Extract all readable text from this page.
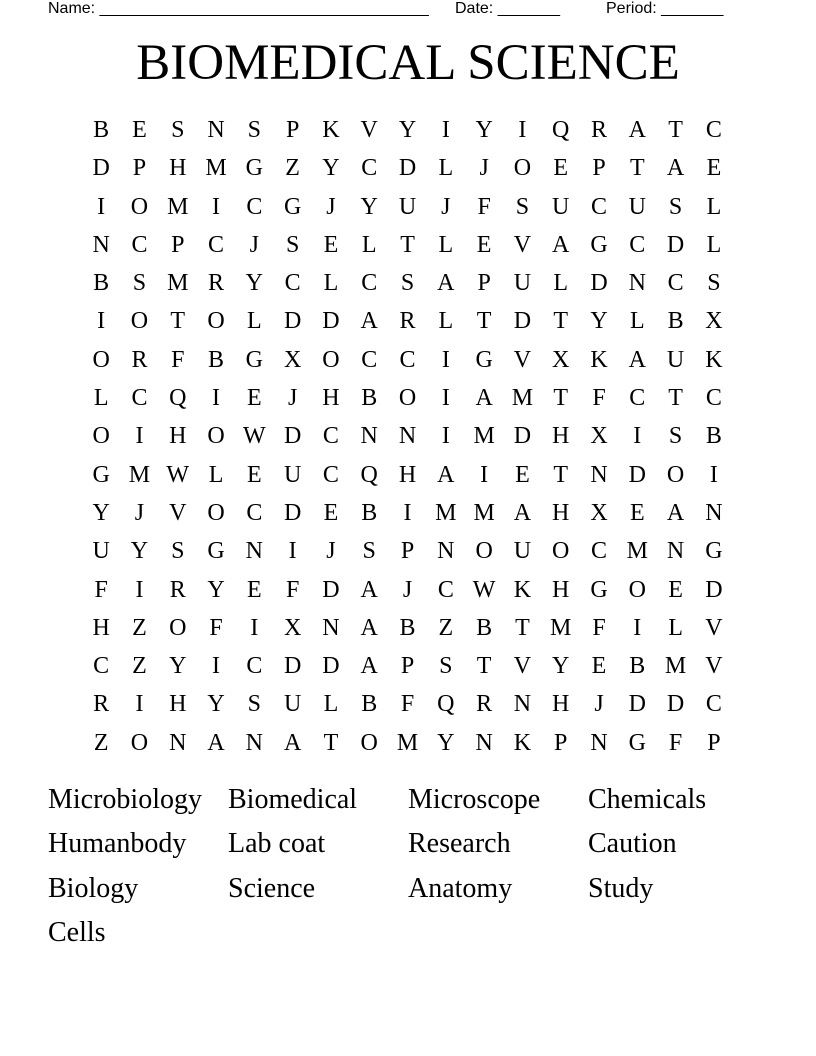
Name: _____________________________________ Date: _______	Period: _______
BIOMEDICAL SCIENCE
B E	S N S	P K V Y	I	Y	I	Q R A T C
D P H M G Z Y C D L	J	O E	P	T A E
I	O M I	C G	J	Y U	J	F	S U C U S	L
N C P C	J	S	E L T L E V A G C D L
B S M R Y C L C S A P U L D N C S
I	O T O L D D A R L T D T Y L B X
O R F B G X O C C	I	G V X K A U K
L C Q	I	E	J	H B O	I	A M T	F C T C
O	I	H O W D C N N	I M D H X	I	S B
G M W L E U C Q H A	I	E T N D O	I
Y	J	V O C D E B	I M M A H X E A N
U Y S G N	I	J	S	P N O U O C M N G
F	I	R Y E	F D A	J	C W K H G O E D
H Z O F	I	X N A B Z B T M F	I	L V
C Z Y	I	C D D A P	S	T V Y E B M V
R	I	H Y S U L B F Q R N H	J	D D C
Z O N A N A T O M Y N K P N G F	P
Microbiology Biomedical	Microscope	Chemicals
Humanbody	Lab coat	Research	Caution
Biology	Science	Anatomy	Study
Cells
